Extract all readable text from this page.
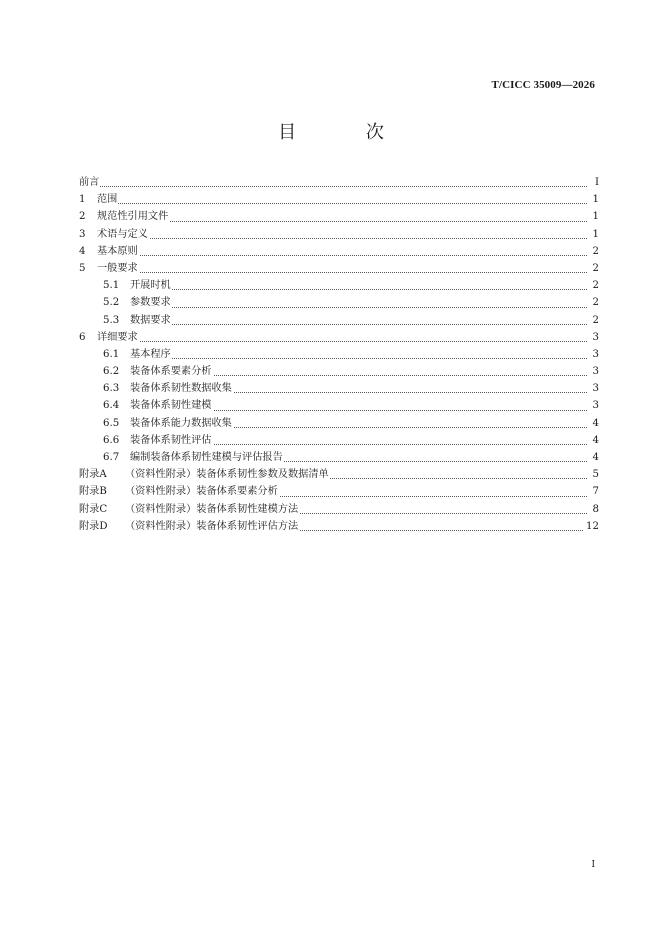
T/CICC 35009—2026
目 次
前言	I
1 范围	1
2 规范性引用文件	1
3 术语与定义	1
4 基本原则	2
5 一般要求	2
5.1 开展时机	2
5.2 参数要求	2
5.3 数据要求	2
6 详细要求	3
6.1 基本程序	3
6.2 装备体系要素分析	3
6.3 装备体系韧性数据收集	3
6.4 装备体系韧性建模	3
6.5 装备体系能力数据收集	4
6.6 装备体系韧性评估	4
6.7 编制装备体系韧性建模与评估报告	4
附录A （资料性附录）装备体系韧性参数及数据清单	5
附录B （资料性附录）装备体系要素分析	7
附录C （资料性附录）装备体系韧性建模方法	8
附录D （资料性附录）装备体系韧性评估方法	12
I
